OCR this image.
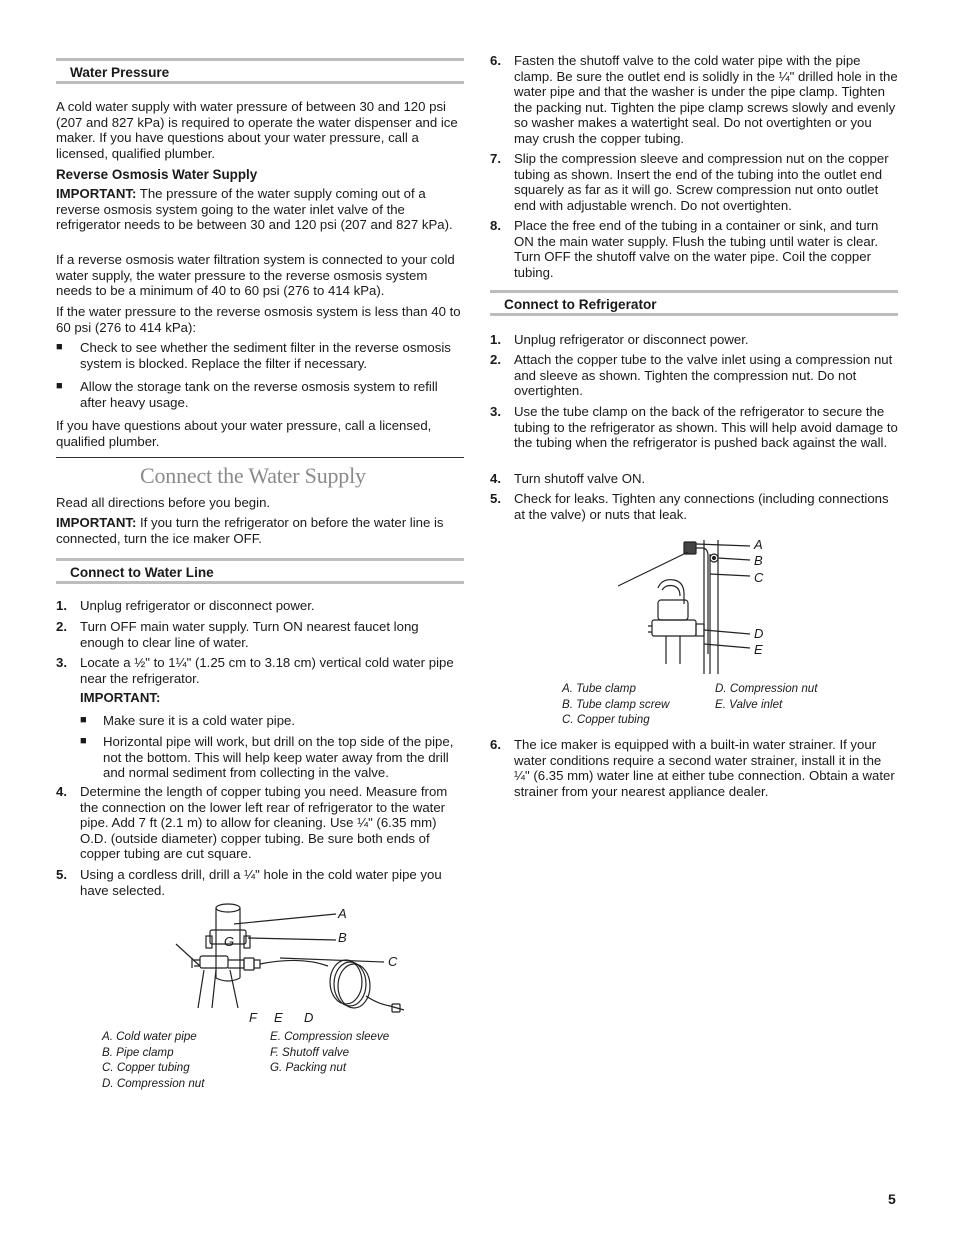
Water Pressure

A cold water supply with water pressure of between 30 and 120 psi (207 and 827 kPa) is required to operate the water dispenser and ice maker. If you have questions about your water pressure, call a licensed, qualified plumber.

Reverse Osmosis Water Supply

IMPORTANT: The pressure of the water supply coming out of a reverse osmosis system going to the water inlet valve of the refrigerator needs to be between 30 and 120 psi (207 and 827 kPa).

If a reverse osmosis water filtration system is connected to your cold water supply, the water pressure to the reverse osmosis system needs to be a minimum of 40 to 60 psi (276 to 414 kPa).

If the water pressure to the reverse osmosis system is less than 40 to 60 psi (276 to 414 kPa):

■ Check to see whether the sediment filter in the reverse osmosis system is blocked. Replace the filter if necessary.
■ Allow the storage tank on the reverse osmosis system to refill after heavy usage.

If you have questions about your water pressure, call a licensed, qualified plumber.

Connect the Water Supply

Read all directions before you begin.

IMPORTANT: If you turn the refrigerator on before the water line is connected, turn the ice maker OFF.

Connect to Water Line
1. Unplug refrigerator or disconnect power.
2. Turn OFF main water supply. Turn ON nearest faucet long enough to clear line of water.
3. Locate a ½" to 1¼" (1.25 cm to 3.18 cm) vertical cold water pipe near the refrigerator.
IMPORTANT:
■ Make sure it is a cold water pipe.
■ Horizontal pipe will work, but drill on the top side of the pipe, not the bottom. This will help keep water away from the drill and normal sediment from collecting in the valve.
4. Determine the length of copper tubing you need. Measure from the connection on the lower left rear of refrigerator to the water pipe. Add 7 ft (2.1 m) to allow for cleaning. Use ¼" (6.35 mm) O.D. (outside diameter) copper tubing. Be sure both ends of copper tubing are cut square.
5. Using a cordless drill, drill a ¼" hole in the cold water pipe you have selected.
A
B
C
D
E
F
G
A. Cold water pipe
B. Pipe clamp
C. Copper tubing
D. Compression nut
E. Compression sleeve
F. Shutoff valve
G. Packing nut
6. Fasten the shutoff valve to the cold water pipe with the pipe clamp. Be sure the outlet end is solidly in the ¼" drilled hole in the water pipe and that the washer is under the pipe clamp. Tighten the packing nut. Tighten the pipe clamp screws slowly and evenly so washer makes a watertight seal. Do not overtighten or you may crush the copper tubing.
7. Slip the compression sleeve and compression nut on the copper tubing as shown. Insert the end of the tubing into the outlet end squarely as far as it will go. Screw compression nut onto outlet end with adjustable wrench. Do not overtighten.
8. Place the free end of the tubing in a container or sink, and turn ON the main water supply. Flush the tubing until water is clear. Turn OFF the shutoff valve on the water pipe. Coil the copper tubing.
Connect to Refrigerator
1. Unplug refrigerator or disconnect power.
2. Attach the copper tube to the valve inlet using a compression nut and sleeve as shown. Tighten the compression nut. Do not overtighten.
3. Use the tube clamp on the back of the refrigerator to secure the tubing to the refrigerator as shown. This will help avoid damage to the tubing when the refrigerator is pushed back against the wall.
4. Turn shutoff valve ON.
5. Check for leaks. Tighten any connections (including connections at the valve) or nuts that leak.
A
B
C
D
E
A. Tube clamp
B. Tube clamp screw
C. Copper tubing
D. Compression nut
E. Valve inlet
6. The ice maker is equipped with a built-in water strainer. If your water conditions require a second water strainer, install it in the ¼" (6.35 mm) water line at either tube connection. Obtain a water strainer from your nearest appliance dealer.
5
